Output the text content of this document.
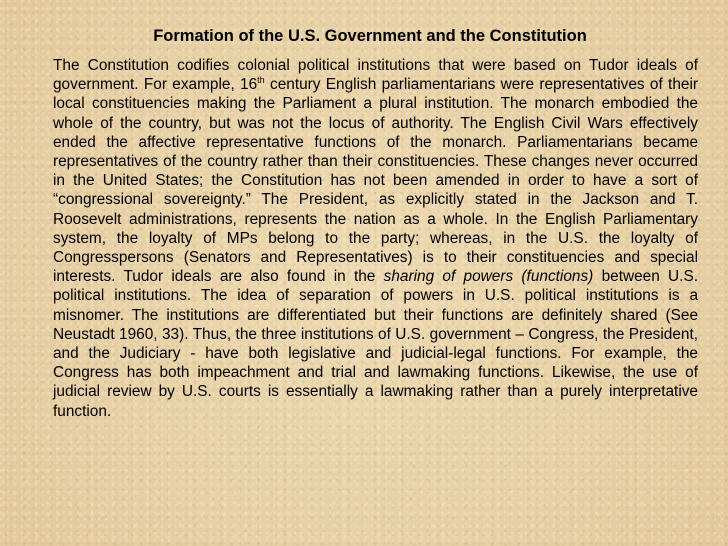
Formation of the U.S. Government and the Constitution

The Constitution codifies colonial political institutions that were based on Tudor ideals of government. For example, 16th century English parliamentarians were representatives of their local constituencies making the Parliament a plural institution. The monarch embodied the whole of the country, but was not the locus of authority. The English Civil Wars effectively ended the affective representative functions of the monarch. Parliamentarians became representatives of the country rather than their constituencies. These changes never occurred in the United States; the Constitution has not been amended in order to have a sort of “congressional sovereignty.” The President, as explicitly stated in the Jackson and T. Roosevelt administrations, represents the nation as a whole. In the English Parliamentary system, the loyalty of MPs belong to the party; whereas, in the U.S. the loyalty of Congresspersons (Senators and Representatives) is to their constituencies and special interests. Tudor ideals are also found in the sharing of powers (functions) between U.S. political institutions. The idea of separation of powers in U.S. political institutions is a misnomer. The institutions are differentiated but their functions are definitely shared (See Neustadt 1960, 33). Thus, the three institutions of U.S. government – Congress, the President, and the Judiciary - have both legislative and judicial-legal functions. For example, the Congress has both impeachment and trial and lawmaking functions. Likewise, the use of judicial review by U.S. courts is essentially a lawmaking rather than a purely interpretative function.
